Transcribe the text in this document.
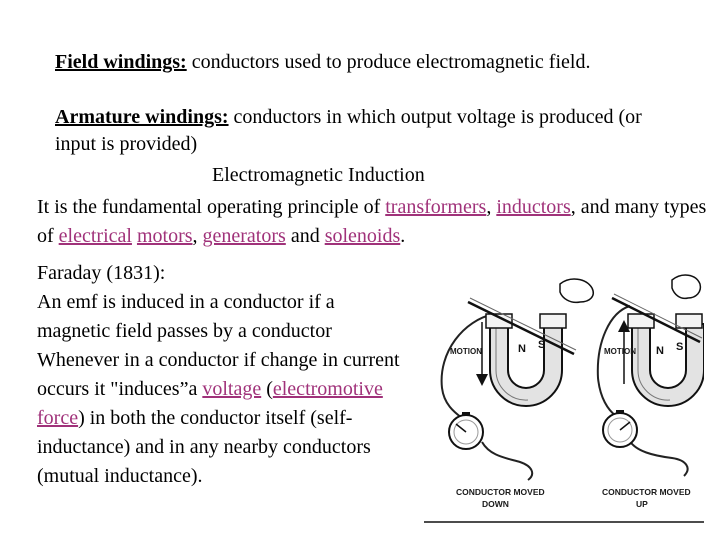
Field windings: conductors used to produce electromagnetic field.

Armature windings: conductors in which output voltage is produced (or input is provided)

Electromagnetic Induction

It is the fundamental operating principle of transformers, inductors, and many types of electrical motors, generators and solenoids.

Faraday (1831):
An emf is induced in a conductor if a magnetic field passes by a conductor Whenever in a conductor if change in current occurs it "induces”a voltage (electromotive force) in both the conductor itself (self-inductance) and in any nearby conductors (mutual inductance).

N S
MOTION
CONDUCTOR MOVED
DOWN
N S
MOTION
CONDUCTOR MOVED
UP
